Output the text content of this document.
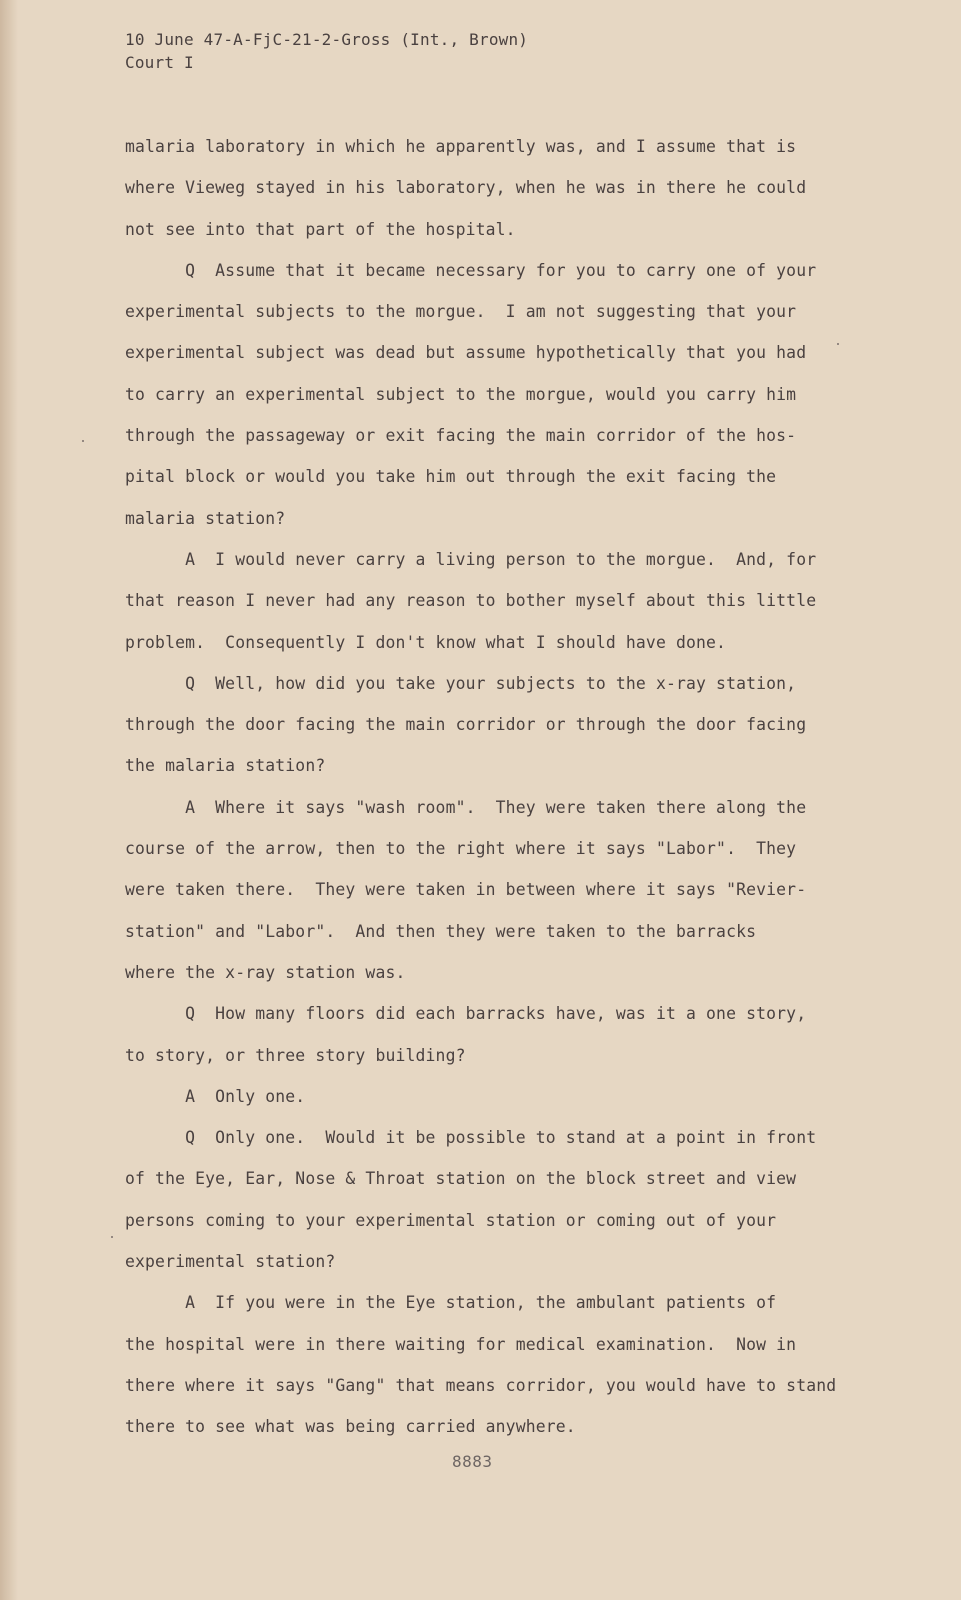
10 June 47-A-FjC-21-2-Gross (Int., Brown)
Court I
malaria laboratory in which he apparently was, and I assume that is
where Vieweg stayed in his laboratory, when he was in there he could
not see into that part of the hospital.
Q  Assume that it became necessary for you to carry one of your
experimental subjects to the morgue.  I am not suggesting that your
experimental subject was dead but assume hypothetically that you had
to carry an experimental subject to the morgue, would you carry him
through the passageway or exit facing the main corridor of the hos-
pital block or would you take him out through the exit facing the
malaria station?
A  I would never carry a living person to the morgue.  And, for
that reason I never had any reason to bother myself about this little
problem.  Consequently I don't know what I should have done.
Q  Well, how did you take your subjects to the x-ray station,
through the door facing the main corridor or through the door facing
the malaria station?
A  Where it says "wash room".  They were taken there along the
course of the arrow, then to the right where it says "Labor".  They
were taken there.  They were taken in between where it says "Revier-
station" and "Labor".  And then they were taken to the barracks
where the x-ray station was.
Q  How many floors did each barracks have, was it a one story,
to story, or three story building?
A  Only one.
Q  Only one.  Would it be possible to stand at a point in front
of the Eye, Ear, Nose & Throat station on the block street and view
persons coming to your experimental station or coming out of your
experimental station?
A  If you were in the Eye station, the ambulant patients of
the hospital were in there waiting for medical examination.  Now in
there where it says "Gang" that means corridor, you would have to stand
there to see what was being carried anywhere.
8883
